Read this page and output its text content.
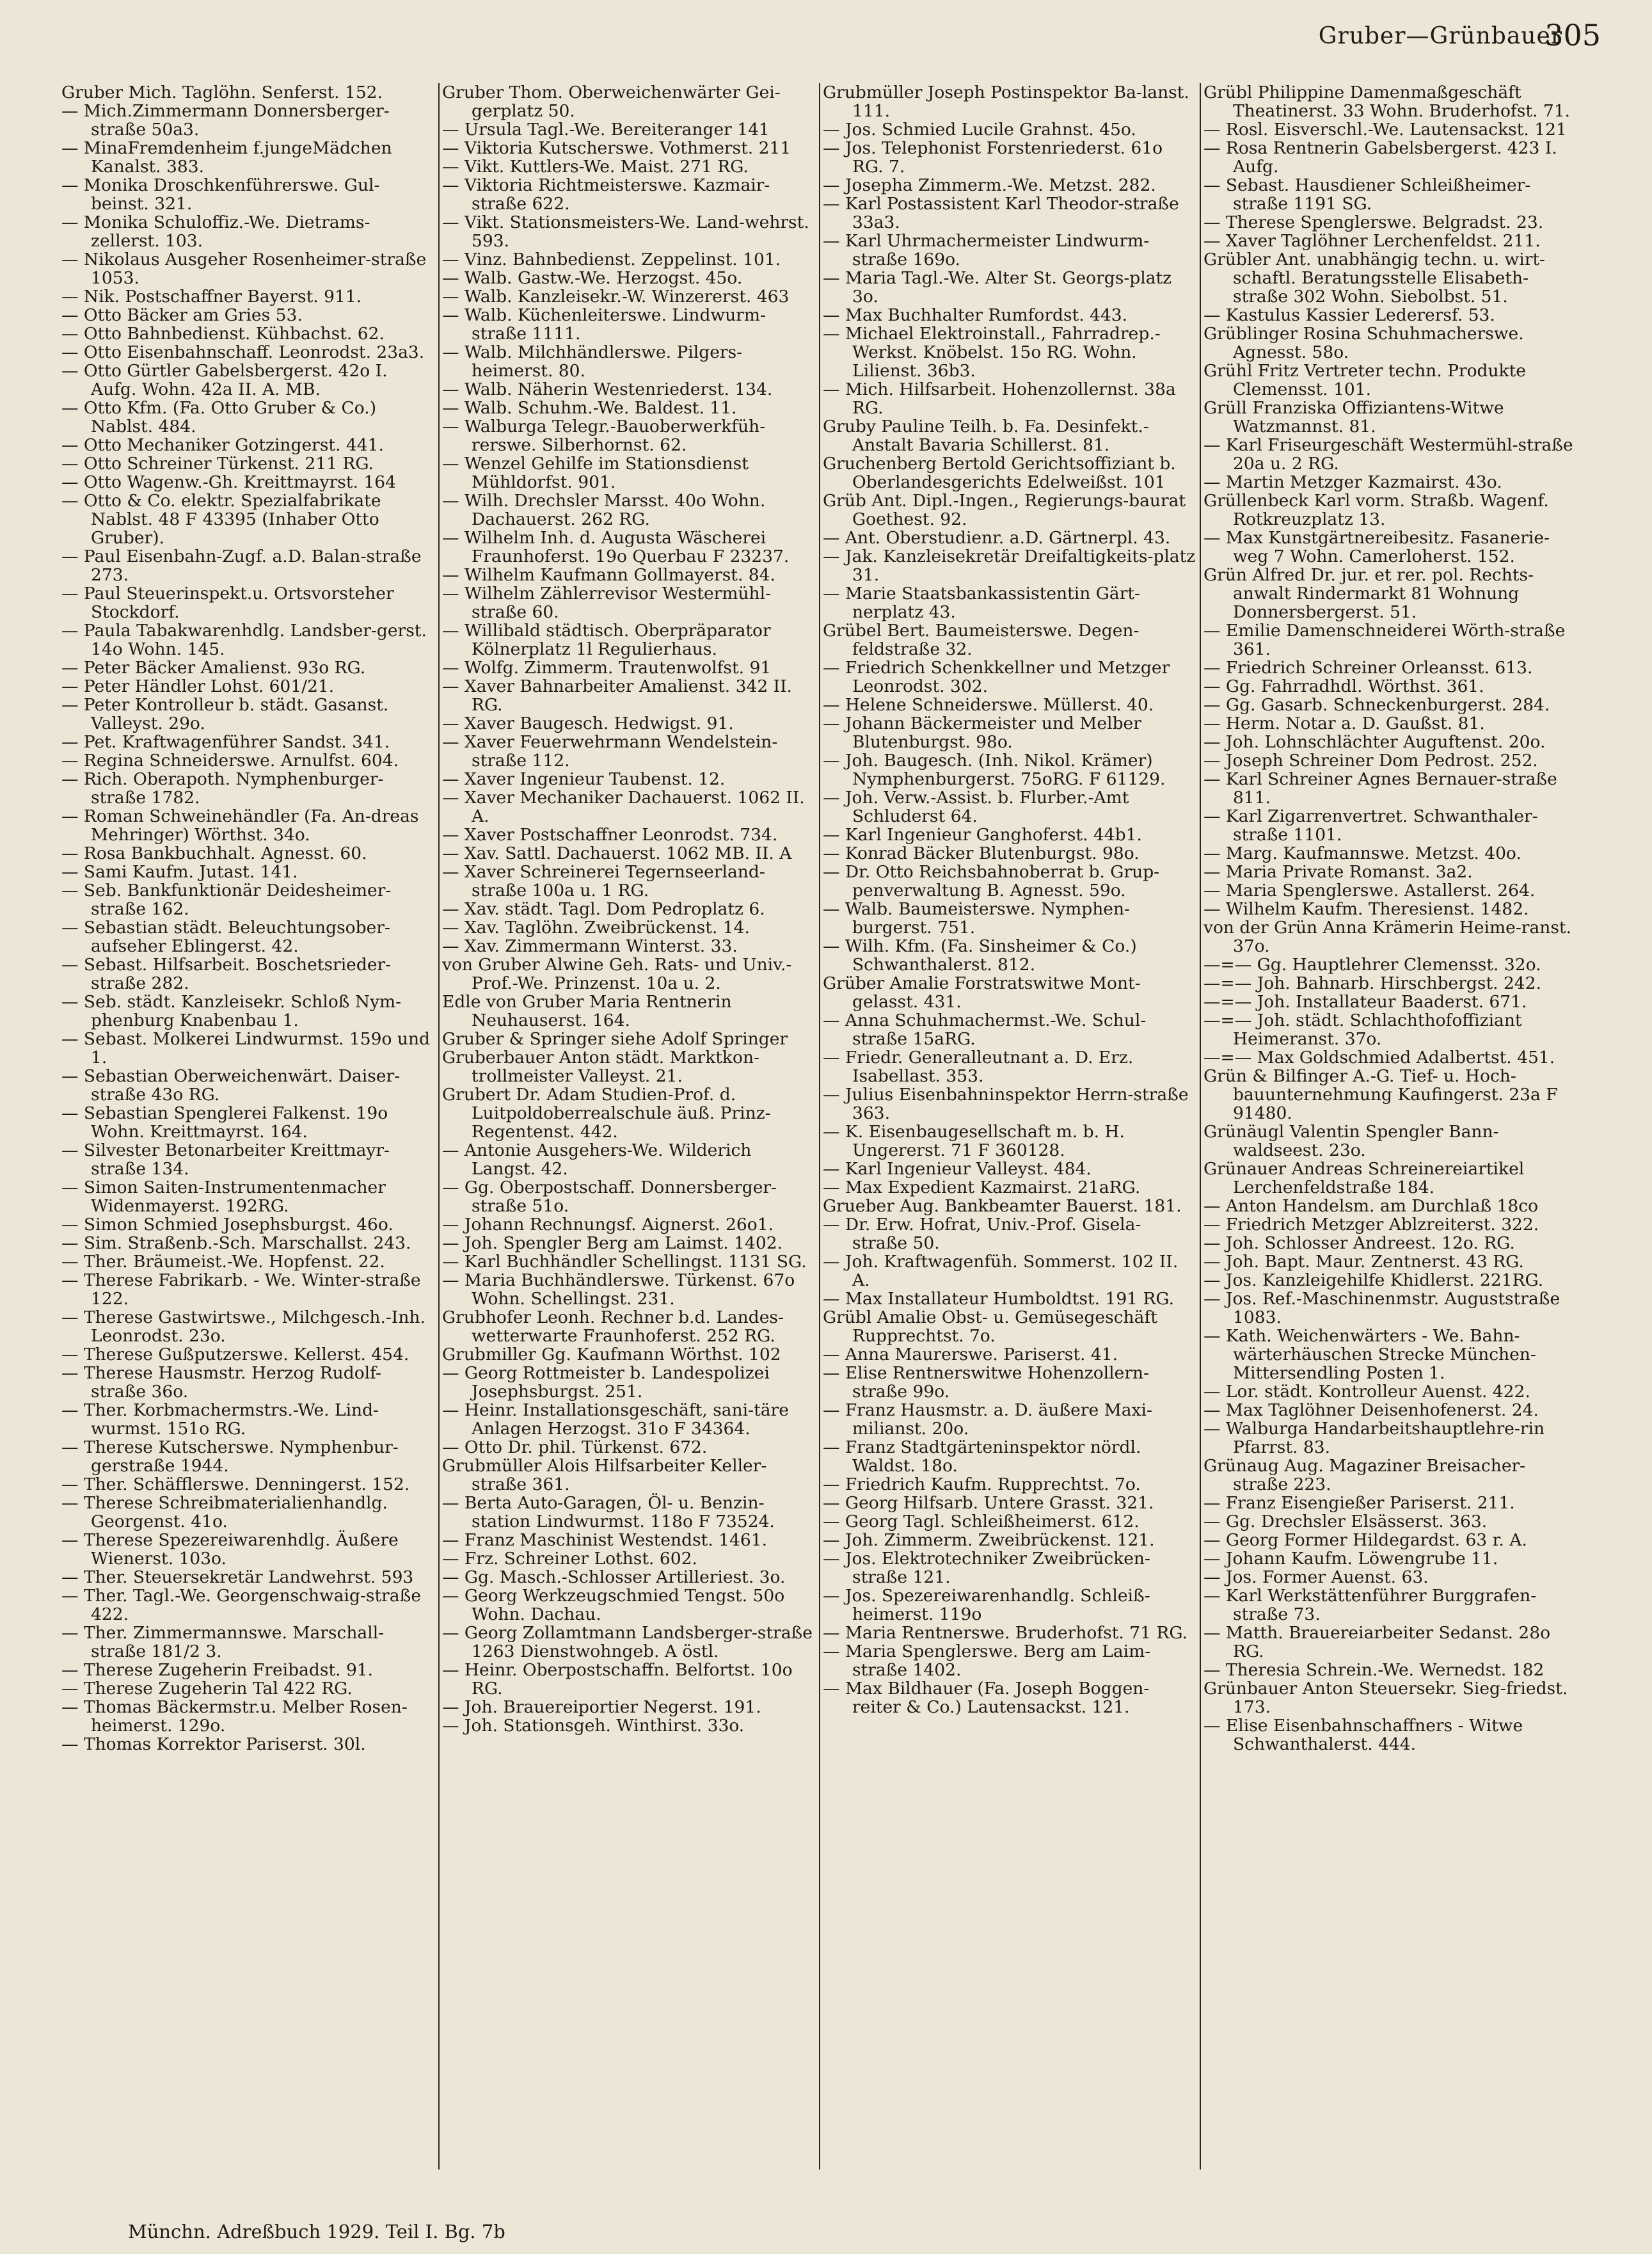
Gruber—Grünbauer
305
Gruber Mich. Taglöhn. Senferst. 152.
— Mich.Zimmermann Donnersberger-straße 50a3.
— MinaFremdenheim f.jungeMädchen Kanalst. 383.
— Monika Droschkenführerswe. Gul-beinst. 321.
— Monika Schuloffiz.-We. Dietrams-zellerst. 103.
— Nikolaus Ausgeher Rosenheimer-straße 1053.
— Nik. Postschaffner Bayerst. 911.
— Otto Bäcker am Gries 53.
— Otto Bahnbedienst. Kühbachst. 62.
— Otto Eisenbahnschaff. Leonrodst. 23a3.
— Otto Gürtler Gabelsbergerst. 42o I. Aufg. Wohn. 42a II. A. MB.
— Otto Kfm. (Fa. Otto Gruber & Co.) Nablst. 484.
— Otto Mechaniker Gotzingerst. 441.
— Otto Schreiner Türkenst. 211 RG.
— Otto Wagenw.-Gh. Kreittmayrst. 164
— Otto & Co. elektr. Spezialfabrikate Nablst. 48 F 43395 (Inhaber Otto Gruber).
— Paul Eisenbahn-Zugf. a.D. Balan-straße 273.
— Paul Steuerinspekt.u. Ortsvorsteher Stockdorf.
— Paula Tabakwarenhdlg. Landsber-gerst. 14o Wohn. 145.
— Peter Bäcker Amalienst. 93o RG.
— Peter Händler Lohst. 601/21.
— Peter Kontrolleur b. städt. Gasanst. Valleyst. 29o.
— Pet. Kraftwagenführer Sandst. 341.
— Regina Schneiderswe. Arnulfst. 604.
— Rich. Oberapoth. Nymphenburger-straße 1782.
— Roman Schweinehändler (Fa. An-dreas Mehringer) Wörthst. 34o.
— Rosa Bankbuchhalt. Agnesst. 60.
— Sami Kaufm. Jutast. 141.
— Seb. Bankfunktionär Deidesheimer-straße 162.
— Sebastian städt. Beleuchtungsober-aufseher Eblingerst. 42.
— Sebast. Hilfsarbeit. Boschetsrieder-straße 282.
— Seb. städt. Kanzleisekr. Schloß Nym-phenburg Knabenbau 1.
— Sebast. Molkerei Lindwurmst. 159o und 1.
— Sebastian Oberweichenwärt. Daiser-straße 43o RG.
— Sebastian Spenglerei Falkenst. 19o Wohn. Kreittmayrst. 164.
— Silvester Betonarbeiter Kreittmayr-straße 134.
— Simon Saiten-Instrumentenmacher Widenmayerst. 192RG.
— Simon Schmied Josephsburgst. 46o.
— Sim. Straßenb.-Sch. Marschallst. 243.
— Ther. Bräumeist.-We. Hopfenst. 22.
— Therese Fabrikarb. - We. Winter-straße 122.
— Therese Gastwirtswe., Milchgesch.-Inh. Leonrodst. 23o.
— Therese Gußputzerswe. Kellerst. 454.
— Therese Hausmstr. Herzog Rudolf-straße 36o.
— Ther. Korbmachermstrs.-We. Lind-wurmst. 151o RG.
— Therese Kutscherswe. Nymphenbur-gerstraße 1944.
— Ther. Schäfflerswe. Denningerst. 152.
— Therese Schreibmaterialienhandlg. Georgenst. 41o.
— Therese Spezereiwarenhdlg. Äußere Wienerst. 103o.
— Ther. Steuersekretär Landwehrst. 593
— Ther. Tagl.-We. Georgenschwaig-straße 422.
— Ther. Zimmermannswe. Marschall-straße 181/2 3.
— Therese Zugeherin Freibadst. 91.
— Therese Zugeherin Tal 422 RG.
— Thomas Bäckermstr.u. Melber Rosen-heimerst. 129o.
— Thomas Korrektor Pariserst. 30l.
Gruber Thom. Oberweichenwärter Gei-gerplatz 50.
— Ursula Tagl.-We. Bereiteranger 141
— Viktoria Kutscherswe. Vothmerst. 211
— Vikt. Kuttlers-We. Maist. 271 RG.
— Viktoria Richtmeisterswe. Kazmair-straße 622.
— Vikt. Stationsmeisters-We. Land-wehrst. 593.
— Vinz. Bahnbedienst. Zeppelinst. 101.
— Walb. Gastw.-We. Herzogst. 45o.
— Walb. Kanzleisekr.-W. Winzererst. 463
— Walb. Küchenleiterswe. Lindwurm-straße 1111.
— Walb. Milchhändlerswe. Pilgers-heimerst. 80.
— Walb. Näherin Westenriederst. 134.
— Walb. Schuhm.-We. Baldest. 11.
— Walburga Telegr.-Bauoberwerkfüh-rerswe. Silberhornst. 62.
— Wenzel Gehilfe im Stationsdienst Mühldorfst. 901.
— Wilh. Drechsler Marsst. 40o Wohn. Dachauerst. 262 RG.
— Wilhelm Inh. d. Augusta Wäscherei Fraunhoferst. 19o Querbau F 23237.
— Wilhelm Kaufmann Gollmayerst. 84.
— Wilhelm Zählerrevisor Westermühl-straße 60.
— Willibald städtisch. Oberpräparator Kölnerplatz 1l Regulierhaus.
— Wolfg. Zimmerm. Trautenwolfst. 91
— Xaver Bahnarbeiter Amalienst. 342 II. RG.
— Xaver Baugesch. Hedwigst. 91.
— Xaver Feuerwehrmann Wendelstein-straße 112.
— Xaver Ingenieur Taubenst. 12.
— Xaver Mechaniker Dachauerst. 1062 II. A.
— Xaver Postschaffner Leonrodst. 734.
— Xav. Sattl. Dachauerst. 1062 MB. II. A
— Xaver Schreinerei Tegernseerland-straße 100a u. 1 RG.
— Xav. städt. Tagl. Dom Pedroplatz 6.
— Xav. Taglöhn. Zweibrückenst. 14.
— Xav. Zimmermann Winterst. 33.
von Gruber Alwine Geh. Rats- und Univ.-Prof.-We. Prinzenst. 10a u. 2.
Edle von Gruber Maria Rentnerin Neuhauserst. 164.
Gruber & Springer siehe Adolf Springer
Gruberbauer Anton städt. Marktkon-trollmeister Valleyst. 21.
Grubert Dr. Adam Studien-Prof. d. Luitpoldoberrealschule äuß. Prinz-Regentenst. 442.
— Antonie Ausgehers-We. Wilderich Langst. 42.
— Gg. Oberpostschaff. Donnersberger-straße 51o.
— Johann Rechnungsf. Aignerst. 26o1.
— Joh. Spengler Berg am Laimst. 1402.
— Karl Buchhändler Schellingst. 1131 SG.
— Maria Buchhändlerswe. Türkenst. 67o Wohn. Schellingst. 231.
Grubhofer Leonh. Rechner b.d. Landes-wetterwarte Fraunhoferst. 252 RG.
Grubmiller Gg. Kaufmann Wörthst. 102
— Georg Rottmeister b. Landespolizei Josephsburgst. 251.
— Heinr. Installationsgeschäft, sani-täre Anlagen Herzogst. 31o F 34364.
— Otto Dr. phil. Türkenst. 672.
Grubmüller Alois Hilfsarbeiter Keller-straße 361.
— Berta Auto-Garagen, Öl- u. Benzin-station Lindwurmst. 118o F 73524.
— Franz Maschinist Westendst. 1461.
— Frz. Schreiner Lothst. 602.
— Gg. Masch.-Schlosser Artilleriest. 3o.
— Georg Werkzeugschmied Tengst. 50o Wohn. Dachau.
— Georg Zollamtmann Landsberger-straße 1263 Dienstwohngeb. A östl.
— Heinr. Oberpostschaffn. Belfortst. 10o RG.
— Joh. Brauereiportier Negerst. 191.
— Joh. Stationsgeh. Winthirst. 33o.
Grubmüller Joseph Postinspektor Ba-lanst. 111.
— Jos. Schmied Lucile Grahnst. 45o.
— Jos. Telephonist Forstenriederst. 61o RG. 7.
— Josepha Zimmerm.-We. Metzst. 282.
— Karl Postassistent Karl Theodor-straße 33a3.
— Karl Uhrmachermeister Lindwurm-straße 169o.
— Maria Tagl.-We. Alter St. Georgs-platz 3o.
— Max Buchhalter Rumfordst. 443.
— Michael Elektroinstall., Fahrradrep.-Werkst. Knöbelst. 15o RG. Wohn. Lilienst. 36b3.
— Mich. Hilfsarbeit. Hohenzollernst. 38a RG.
Gruby Pauline Teilh. b. Fa. Desinfekt.-Anstalt Bavaria Schillerst. 81.
Gruchenberg Bertold Gerichtsoffiziant b. Oberlandesgerichts Edelweißst. 101
Grüb Ant. Dipl.-Ingen., Regierungs-baurat Goethest. 92.
— Ant. Oberstudienr. a.D. Gärtnerpl. 43.
— Jak. Kanzleisekretär Dreifaltigkeits-platz 31.
— Marie Staatsbankassistentin Gärt-nerplatz 43.
Grübel Bert. Baumeisterswe. Degen-feldstraße 32.
— Friedrich Schenkkellner und Metzger Leonrodst. 302.
— Helene Schneiderswe. Müllerst. 40.
— Johann Bäckermeister und Melber Blutenburgst. 98o.
— Joh. Baugesch. (Inh. Nikol. Krämer) Nymphenburgerst. 75oRG. F 61129.
— Joh. Verw.-Assist. b. Flurber.-Amt Schluderst 64.
— Karl Ingenieur Ganghoferst. 44b1.
— Konrad Bäcker Blutenburgst. 98o.
— Dr. Otto Reichsbahnoberrat b. Grup-penverwaltung B. Agnesst. 59o.
— Walb. Baumeisterswe. Nymphen-burgerst. 751.
— Wilh. Kfm. (Fa. Sinsheimer & Co.) Schwanthalerst. 812.
Grüber Amalie Forstratswitwe Mont-gelasst. 431.
— Anna Schuhmachermst.-We. Schul-straße 15aRG.
— Friedr. Generalleutnant a. D. Erz. Isabellast. 353.
— Julius Eisenbahninspektor Herrn-straße 363.
— K. Eisenbaugesellschaft m. b. H. Ungererst. 71 F 360128.
— Karl Ingenieur Valleyst. 484.
— Max Expedient Kazmairst. 21aRG.
Grueber Aug. Bankbeamter Bauerst. 181.
— Dr. Erw. Hofrat, Univ.-Prof. Gisela-straße 50.
— Joh. Kraftwagenfüh. Sommerst. 102 II. A.
— Max Installateur Humboldtst. 191 RG.
Grübl Amalie Obst- u. Gemüsegeschäft Rupprechtst. 7o.
— Anna Maurerswe. Pariserst. 41.
— Elise Rentnerswitwe Hohenzollern-straße 99o.
— Franz Hausmstr. a. D. äußere Maxi-milianst. 20o.
— Franz Stadtgärteninspektor nördl. Waldst. 18o.
— Friedrich Kaufm. Rupprechtst. 7o.
— Georg Hilfsarb. Untere Grasst. 321.
— Georg Tagl. Schleißheimerst. 612.
— Joh. Zimmerm. Zweibrückenst. 121.
— Jos. Elektrotechniker Zweibrücken-straße 121.
— Jos. Spezereiwarenhandlg. Schleiß-heimerst. 119o
— Maria Rentnerswe. Bruderhofst. 71 RG.
— Maria Spenglerswe. Berg am Laim-straße 1402.
— Max Bildhauer (Fa. Joseph Boggen-reiter & Co.) Lautensackst. 121.
Grübl Philippine Damenmaßgeschäft Theatinerst. 33 Wohn. Bruderhofst. 71.
— Rosl. Eisverschl.-We. Lautensackst. 121
— Rosa Rentnerin Gabelsbergerst. 423 I. Aufg.
— Sebast. Hausdiener Schleißheimer-straße 1191 SG.
— Therese Spenglerswe. Belgradst. 23.
— Xaver Taglöhner Lerchenfeldst. 211.
Grübler Ant. unabhängig techn. u. wirt-schaftl. Beratungsstelle Elisabeth-straße 302 Wohn. Siebolbst. 51.
— Kastulus Kassier Lederersf. 53.
Grüblinger Rosina Schuhmacherswe. Agnesst. 58o.
Grühl Fritz Vertreter techn. Produkte Clemensst. 101.
Grüll Franziska Offiziantens-Witwe Watzmannst. 81.
— Karl Friseurgeschäft Westermühl-straße 20a u. 2 RG.
— Martin Metzger Kazmairst. 43o.
Grüllenbeck Karl vorm. Straßb. Wagenf. Rotkreuzplatz 13.
— Max Kunstgärtnereibesitz. Fasanerie-weg 7 Wohn. Camerloherst. 152.
Grün Alfred Dr. jur. et rer. pol. Rechts-anwalt Rindermarkt 81 Wohnung Donnersbergerst. 51.
— Emilie Damenschneiderei Wörth-straße 361.
— Friedrich Schreiner Orleansst. 613.
— Gg. Fahrradhdl. Wörthst. 361.
— Gg. Gasarb. Schneckenburgerst. 284.
— Herm. Notar a. D. Gaußst. 81.
— Joh. Lohnschlächter Auguftenst. 20o.
— Joseph Schreiner Dom Pedrost. 252.
— Karl Schreiner Agnes Bernauer-straße 811.
— Karl Zigarrenvertret. Schwanthaler-straße 1101.
— Marg. Kaufmannswe. Metzst. 40o.
— Maria Private Romanst. 3a2.
— Maria Spenglerswe. Astallerst. 264.
— Wilhelm Kaufm. Theresienst. 1482.
von der Grün Anna Krämerin Heime-ranst. 37o.
—=— Gg. Hauptlehrer Clemensst. 32o.
—=— Joh. Bahnarb. Hirschbergst. 242.
—=— Joh. Installateur Baaderst. 671.
—=— Joh. städt. Schlachthofoffiziant Heimeranst. 37o.
—=— Max Goldschmied Adalbertst. 451.
Grün & Bilfinger A.-G. Tief- u. Hoch-bauunternehmung Kaufingerst. 23a F 91480.
Grünäugl Valentin Spengler Bann-waldseest. 23o.
Grünauer Andreas Schreinereiartikel Lerchenfeldstraße 184.
— Anton Handelsm. am Durchlaß 18co
— Friedrich Metzger Ablzreiterst. 322.
— Joh. Schlosser Andreest. 12o. RG.
— Joh. Bapt. Maur. Zentnerst. 43 RG.
— Jos. Kanzleigehilfe Khidlerst. 221RG.
— Jos. Ref.-Maschinenmstr. Auguststraße 1083.
— Kath. Weichenwärters - We. Bahn-wärterhäuschen Strecke München-Mittersendling Posten 1.
— Lor. städt. Kontrolleur Auenst. 422.
— Max Taglöhner Deisenhofenerst. 24.
— Walburga Handarbeitshauptlehre-rin Pfarrst. 83.
Grünaug Aug. Magaziner Breisacher-straße 223.
— Franz Eisengießer Pariserst. 211.
— Gg. Drechsler Elsässerst. 363.
— Georg Former Hildegardst. 63 r. A.
— Johann Kaufm. Löwengrube 11.
— Jos. Former Auenst. 63.
— Karl Werkstättenführer Burggrafen-straße 73.
— Matth. Brauereiarbeiter Sedanst. 28o RG.
— Theresia Schrein.-We. Wernedst. 182
Grünbauer Anton Steuersekr. Sieg-friedst. 173.
— Elise Eisenbahnschaffners - Witwe Schwanthalerst. 444.
Münchn. Adreßbuch 1929. Teil I. Bg. 7b
